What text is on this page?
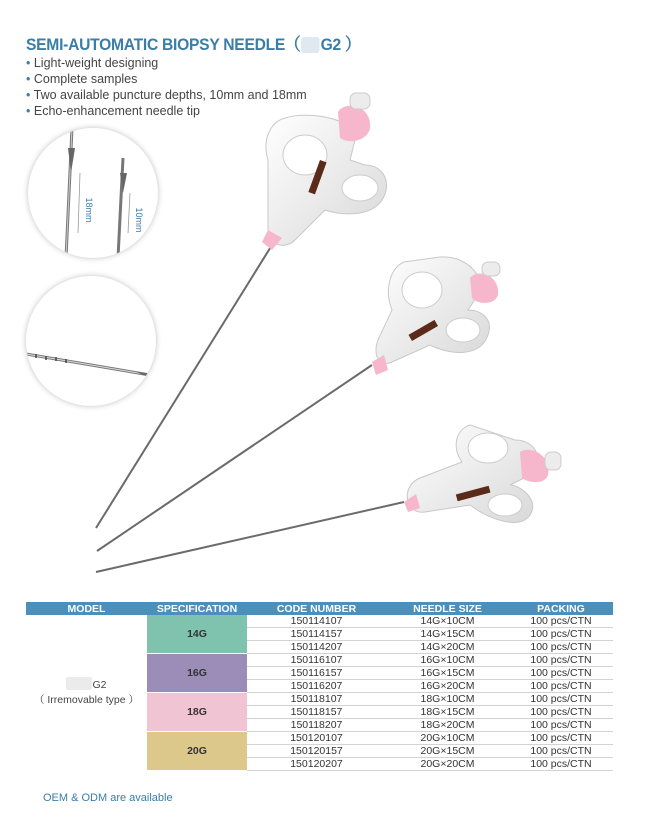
SEMI-AUTOMATIC BIOPSY NEEDLE（ G2 ）
• Light-weight designing
• Complete samples
• Two available puncture depths, 10mm and 18mm
• Echo-enhancement needle tip
18mm	10mm
MODEL	SPECIFICATION	CODE NUMBER	NEEDLE SIZE	PACKING
G2
（ Irremovable type ）	14G	150114107	14G×10CM	100 pcs/CTN
		150114157	14G×15CM	100 pcs/CTN
		150114207	14G×20CM	100 pcs/CTN
	16G	150116107	16G×10CM	100 pcs/CTN
		150116157	16G×15CM	100 pcs/CTN
		150116207	16G×20CM	100 pcs/CTN
	18G	150118107	18G×10CM	100 pcs/CTN
		150118157	18G×15CM	100 pcs/CTN
		150118207	18G×20CM	100 pcs/CTN
	20G	150120107	20G×10CM	100 pcs/CTN
		150120157	20G×15CM	100 pcs/CTN
		150120207	20G×20CM	100 pcs/CTN
OEM & ODM are available
